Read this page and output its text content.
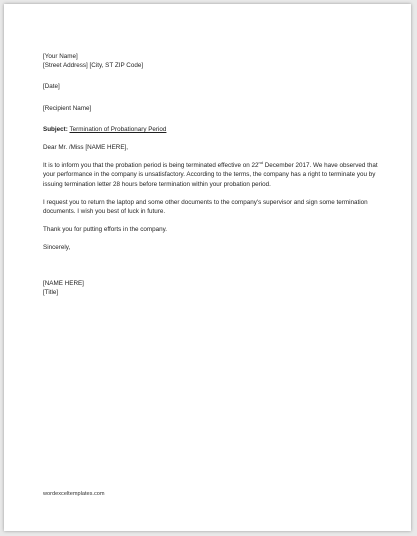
[Your Name]

[Street Address] [City, ST ZIP Code]

[Date]

[Recipient Name]

Subject: Termination of Probationary Period

Dear Mr. /Miss [NAME HERE],

It is to inform you that the probation period is being terminated effective on 22nd December 2017. We have observed that your performance in the company is unsatisfactory. According to the terms, the company has a right to terminate you by issuing termination letter 28 hours before termination within your probation period.

I request you to return the laptop and some other documents to the company's supervisor and sign some termination documents. I wish you best of luck in future.

Thank you for putting efforts in the company.

Sincerely,

[NAME HERE]

[Title]

wordexceltemplates.com
